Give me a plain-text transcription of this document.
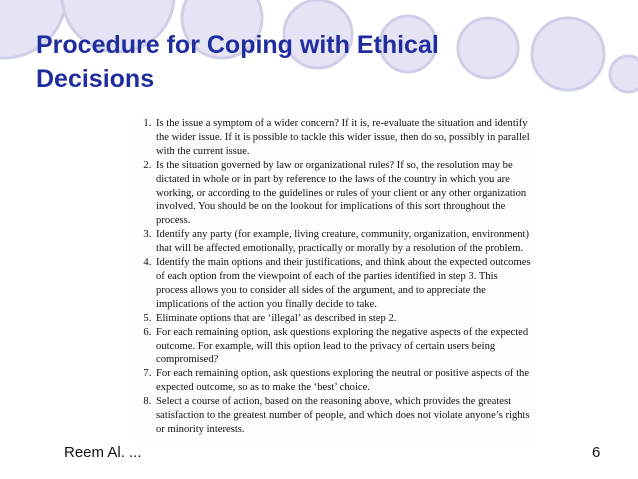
Procedure for Coping with Ethical Decisions
1. Is the issue a symptom of a wider concern? If it is, re-evaluate the situation and identify the wider issue. If it is possible to tackle this wider issue, then do so, possibly in parallel with the current issue.
2. Is the situation governed by law or organizational rules? If so, the resolution may be dictated in whole or in part by reference to the laws of the country in which you are working, or according to the guidelines or rules of your client or any other organization involved. You should be on the lookout for implications of this sort throughout the process.
3. Identify any party (for example, living creature, community, organization, environment) that will be affected emotionally, practically or morally by a resolution of the problem.
4. Identify the main options and their justifications, and think about the expected outcomes of each option from the viewpoint of each of the parties identified in step 3. This process allows you to consider all sides of the argument, and to appreciate the implications of the action you finally decide to take.
5. Eliminate options that are ‘illegal’ as described in step 2.
6. For each remaining option, ask questions exploring the negative aspects of the expected outcome. For example, will this option lead to the privacy of certain users being compromised?
7. For each remaining option, ask questions exploring the neutral or positive aspects of the expected outcome, so as to make the ‘best’ choice.
8. Select a course of action, based on the reasoning above, which provides the greatest satisfaction to the greatest number of people, and which does not violate anyone’s rights or minority interests.
Reem Al. ...	6
